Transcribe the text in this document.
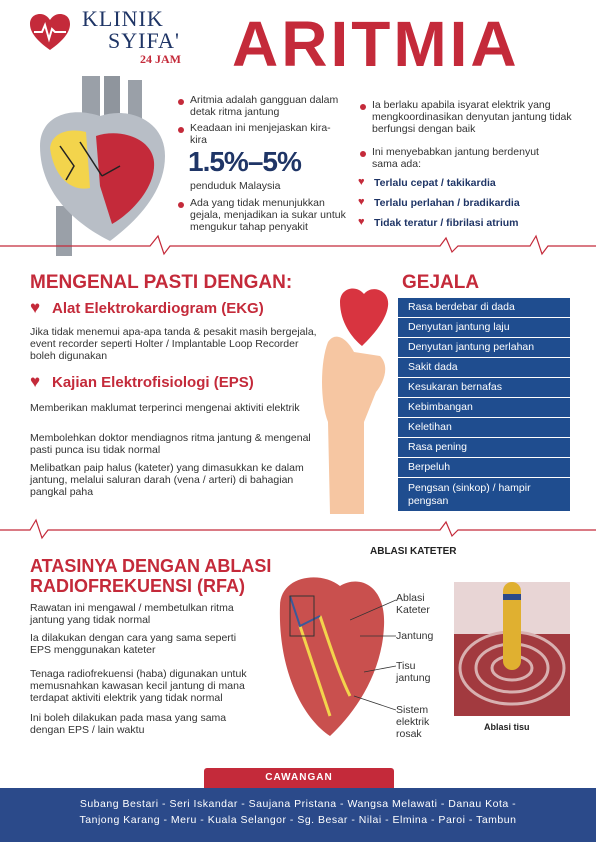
KLINIK
SYIFA'
24 JAM ARITMIA
Aritmia adalah gangguan dalam detak ritma jantung
Keadaan ini menjejaskan kira-kira
1.5%–5%
penduduk Malaysia
Ada yang tidak menunjukkan gejala, menjadikan ia sukar untuk mengukur tahap penyakit
Ia berlaku apabila isyarat elektrik yang mengkoordinasikan denyutan jantung tidak berfungsi dengan baik
Ini menyebabkan jantung berdenyut sama ada:
♥ Terlalu cepat / takikardia
♥ Terlalu perlahan / bradikardia
♥ Tidak teratur / fibrilasi atrium
MENGENAL PASTI DENGAN:
♥ Alat Elektrokardiogram (EKG)
Jika tidak menemui apa-apa tanda & pesakit masih bergejala, event recorder seperti Holter / Implantable Loop Recorder boleh digunakan
♥ Kajian Elektrofisiologi (EPS)
Memberikan maklumat terperinci mengenai aktiviti elektrik
Membolehkan doktor mendiagnos ritma jantung & mengenal pasti punca isu tidak normal
Melibatkan paip halus (kateter) yang dimasukkan ke dalam jantung, melalui saluran darah (vena / arteri) di bahagian pangkal paha
GEJALA
Rasa berdebar di dada
Denyutan jantung laju
Denyutan jantung perlahan
Sakit dada
Kesukaran bernafas
Kebimbangan
Keletihan
Rasa pening
Berpeluh
Pengsan (sinkop) / hampir pengsan
ATASINYA DENGAN ABLASI
RADIOFREKUENSI (RFA)
Rawatan ini mengawal / membetulkan ritma jantung yang tidak normal
Ia dilakukan dengan cara yang sama seperti EPS menggunakan kateter
Tenaga radiofrekuensi (haba) digunakan untuk memusnahkan kawasan kecil jantung di mana terdapat aktiviti elektrik yang tidak normal
Ini boleh dilakukan pada masa yang sama dengan EPS / lain waktu
ABLASI KATETER
Ablasi Kateter
Jantung
Tisu jantung
Sistem elektrik rosak
Ablasi tisu
CAWANGAN
Subang Bestari - Seri Iskandar - Saujana Pristana - Wangsa Melawati - Danau Kota -
Tanjong Karang - Meru - Kuala Selangor - Sg. Besar - Nilai - Elmina - Paroi - Tambun
